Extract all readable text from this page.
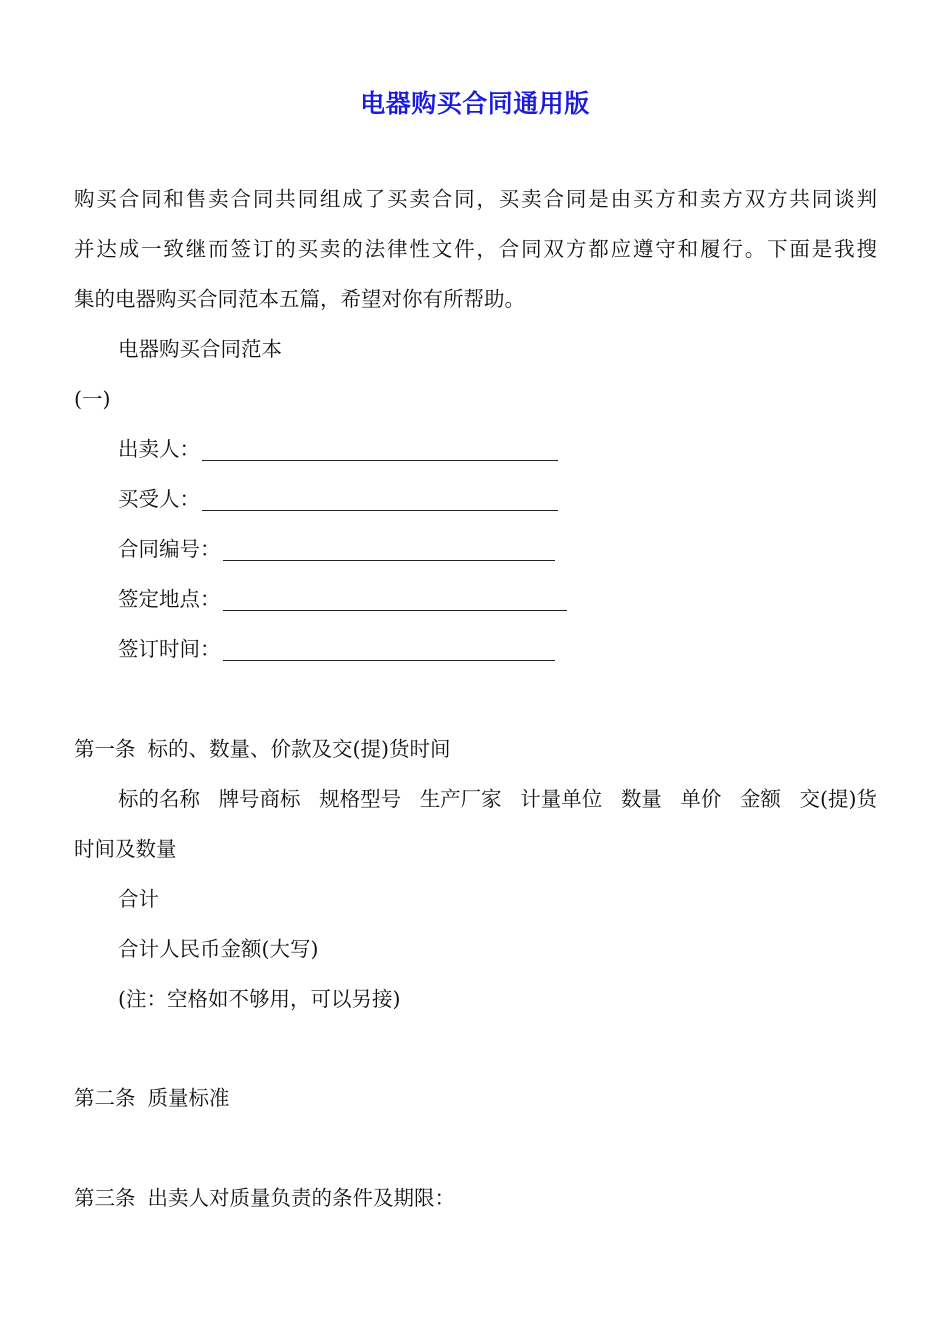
电器购买合同通用版
购买合同和售卖合同共同组成了买卖合同，买卖合同是由买方和卖方双方共同谈判
并达成一致继而签订的买卖的法律性文件，合同双方都应遵守和履行。下面是我搜
集的电器购买合同范本五篇，希望对你有所帮助。
电器购买合同范本
(一)
出卖人：
买受人：
合同编号：
签定地点：
签订时间：
第一条 标的、数量、价款及交(提)货时间
标的名称 牌号商标 规格型号 生产厂家 计量单位 数量 单价 金额 交(提)货
时间及数量
合计
合计人民币金额(大写)
(注：空格如不够用，可以另接)
第二条 质量标准
第三条 出卖人对质量负责的条件及期限：
